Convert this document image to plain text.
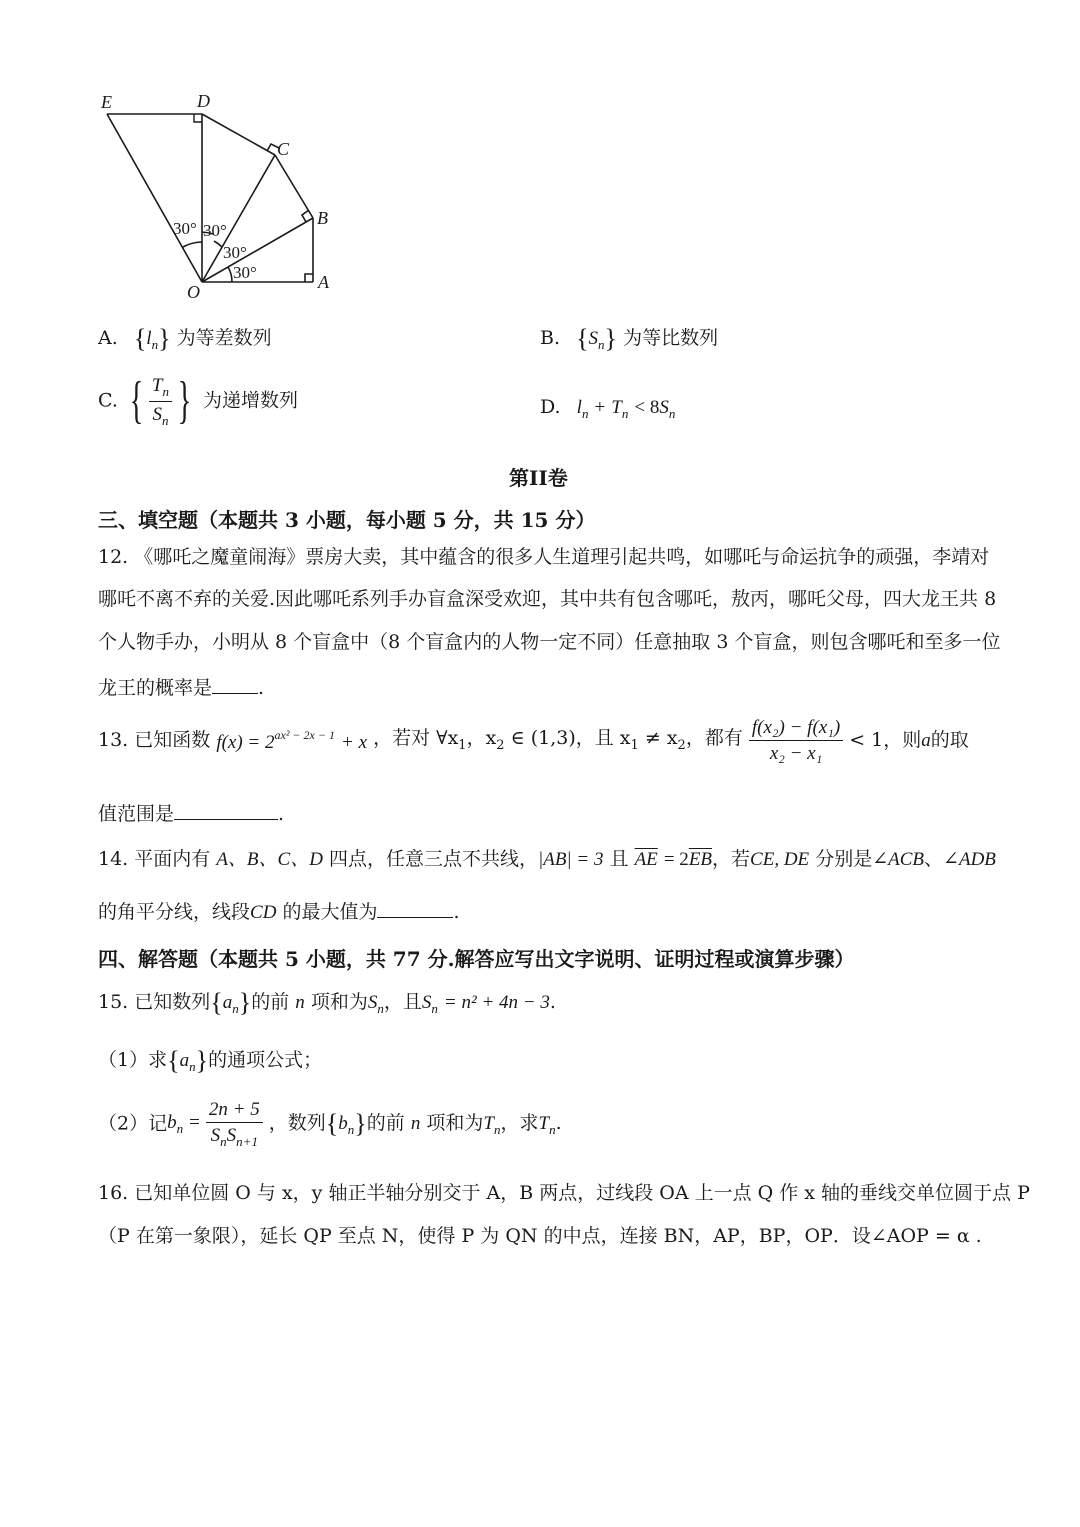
E	D
C
B
A
O
30°
30°
30°
30°
A. $\{l_n\}$ 为等差数列	B. $\{S_n\}$ 为等比数列
C. { $\frac{T_n}{S_n}$ } 为递增数列	D. $l_n + T_n < 8S_n$
第II卷
三、填空题（本题共 3 小题，每小题 5 分，共 15 分）
12. 《哪吒之魔童闹海》票房大卖，其中蕴含的很多人生道理引起共鸣，如哪吒与命运抗争的顽强，李靖对
哪吒不离不弃的关爱.因此哪吒系列手办盲盒深受欢迎，其中共有包含哪吒，敖丙，哪吒父母，四大龙王共 8
个人物手办，小明从 8 个盲盒中（8 个盲盒内的人物一定不同）任意抽取 3 个盲盒，则包含哪吒和至多一位
龙王的概率是 .
13. 已知函数 $f(x) = 2^{ax^2 - 2x - 1} + x$ ，若对 $\forall x_1$，$x_2$ ∈ (1,3)，且 $x_1 \ne x_2$，都有 $\frac{\text{f(x₂) − f(x₁)}}{\text{x₂ − x₁}} < 1$，则a的取
值范围是	.
14. 平面内有 A、B、C、D 四点，任意三点不共线，|AB| = 3 且 $\overline{AE} = 2\overline{EB}$，若CE, DE 分别是∠ACB、∠ADB
的角平分线，线段CD 的最大值为	.
四、解答题（本题共 5 小题，共 77 分.解答应写出文字说明、证明过程或演算步骤）
15. 已知数列$\{a_n\}$的前 n 项和为$S_n$，且$S_n = n^2 + 4n - 3$.
（1）求$\{a_n\}$的通项公式；
（2）记$b_n = \frac{2n + 5}{S_nS_{n+1}}$ ，数列$\{b_n\}$的前 n 项和为$T_n$，求$T_n$.
16. 已知单位圆 O 与 x，y 轴正半轴分别交于 A，B 两点，过线段 OA 上一点 Q 作 x 轴的垂线交单位圆于点 P
（P 在第一象限），延长 QP 至点 N，使得 P 为 QN 的中点，连接 BN，AP，BP，OP．设∠AOP = α .
